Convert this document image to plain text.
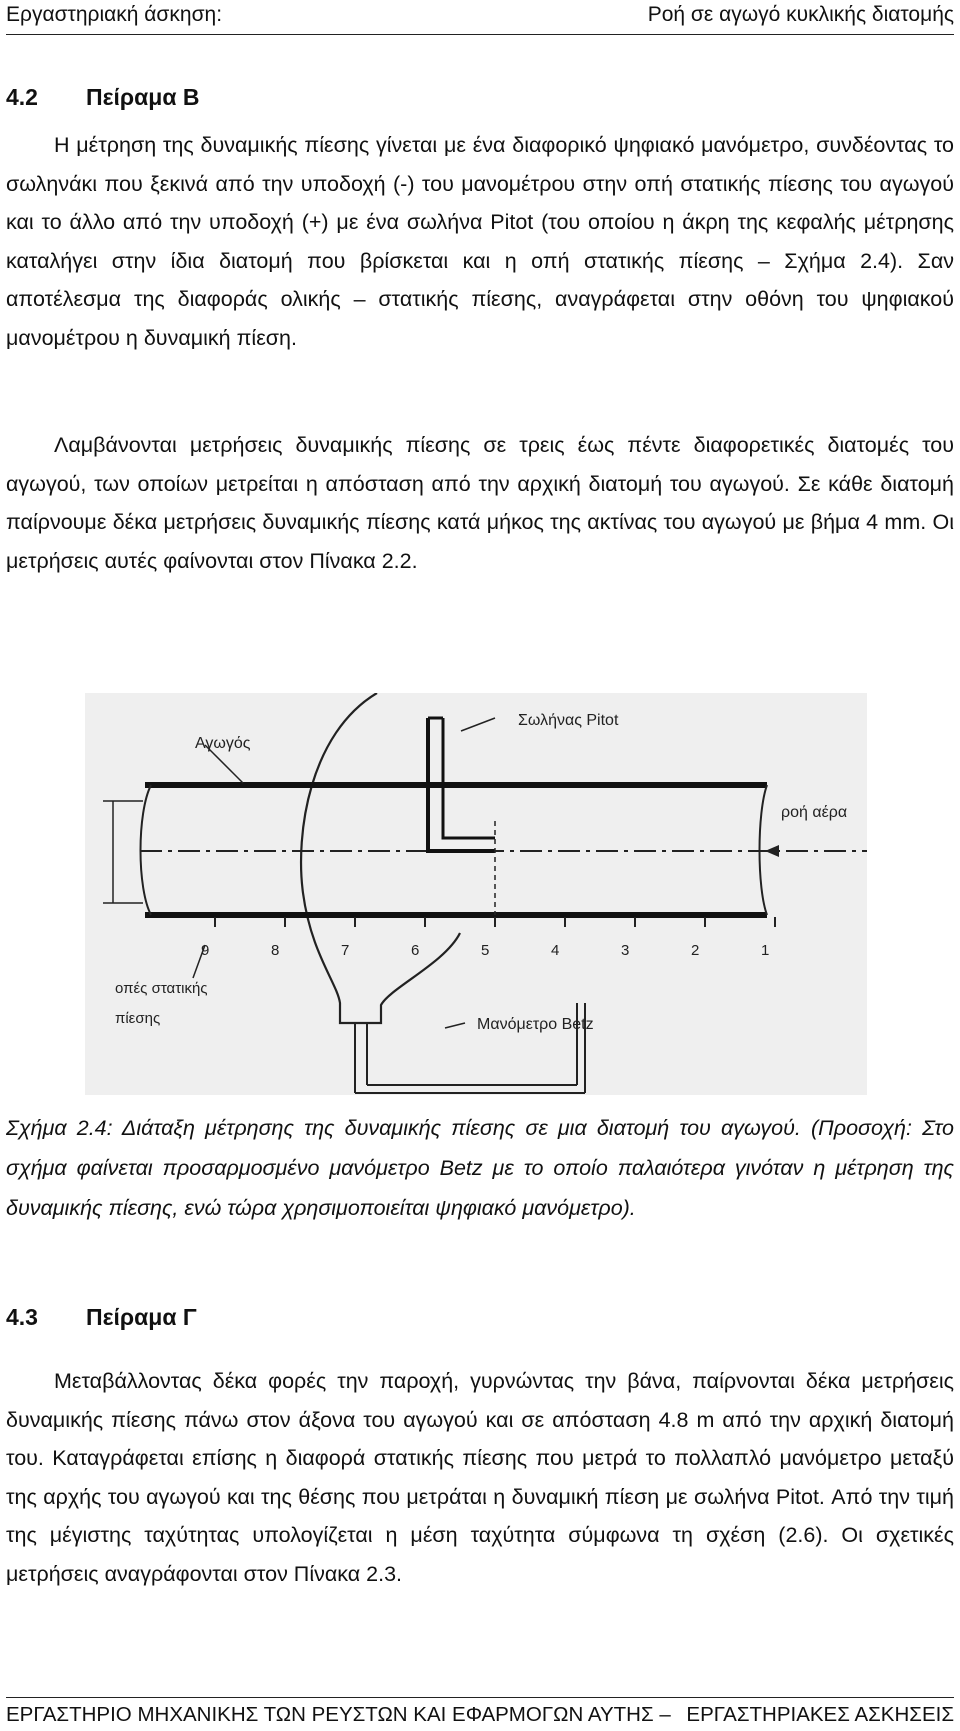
Εργαστηριακή άσκηση:	Ροή σε αγωγό κυκλικής διατομής
4.2 Πείραμα Β

Η μέτρηση της δυναμικής πίεσης γίνεται με ένα διαφορικό ψηφιακό μανόμετρο, συνδέοντας το σωληνάκι που ξεκινά από την υποδοχή (-) του μανομέτρου στην οπή στατικής πίεσης του αγωγού και το άλλο από την υποδοχή (+) με ένα σωλήνα Pitot (του οποίου η άκρη της κεφαλής μέτρησης καταλήγει στην ίδια διατομή που βρίσκεται και η οπή στατικής πίεσης – Σχήμα 2.4). Σαν αποτέλεσμα της διαφοράς ολικής – στατικής πίεσης, αναγράφεται στην οθόνη του ψηφιακού μανομέτρου η δυναμική πίεση.

Λαμβάνονται μετρήσεις δυναμικής πίεσης σε τρεις έως πέντε διαφορετικές διατομές του αγωγού, των οποίων μετρείται η απόσταση από την αρχική διατομή του αγωγού. Σε κάθε διατομή παίρνουμε δέκα μετρήσεις δυναμικής πίεσης κατά μήκος της ακτίνας του αγωγού με βήμα 4 mm. Οι μετρήσεις αυτές φαίνονται στον Πίνακα 2.2.

Αγωγός
Σωλήνας Pitot
ροή αέρα
οπές στατικής
πίεσης	Μανόμετρο Betz
9	8	7	6	5	4	3	2	1

Σχήμα 2.4: Διάταξη μέτρησης της δυναμικής πίεσης σε μια διατομή του αγωγού. (Προσοχή: Στο σχήμα φαίνεται προσαρμοσμένο μανόμετρο Betz με το οποίο παλαιότερα γινόταν η μέτρηση της δυναμικής πίεσης, ενώ τώρα χρησιμοποιείται ψηφιακό μανόμετρο).

4.3 Πείραμα Γ

Μεταβάλλοντας δέκα φορές την παροχή, γυρνώντας την βάνα, παίρνονται δέκα μετρήσεις δυναμικής πίεσης πάνω στον άξονα του αγωγού και σε απόσταση 4.8 m από την αρχική διατομή του. Καταγράφεται επίσης η διαφορά στατικής πίεσης που μετρά το πολλαπλό μανόμετρο μεταξύ της αρχής του αγωγού και της θέσης που μετράται η δυναμική πίεση με σωλήνα Pitot. Από την τιμή της μέγιστης ταχύτητας υπολογίζεται η μέση ταχύτητα σύμφωνα τη σχέση (2.6). Οι σχετικές μετρήσεις αναγράφονται στον Πίνακα 2.3.

ΕΡΓΑΣΤΗΡΙΟ ΜΗΧΑΝΙΚΗΣ ΤΩΝ ΡΕΥΣΤΩΝ ΚΑΙ ΕΦΑΡΜΟΓΩΝ ΑΥΤΗΣ – ΕΡΓΑΣΤΗΡΙΑΚΕΣ ΑΣΚΗΣΕΙΣ
